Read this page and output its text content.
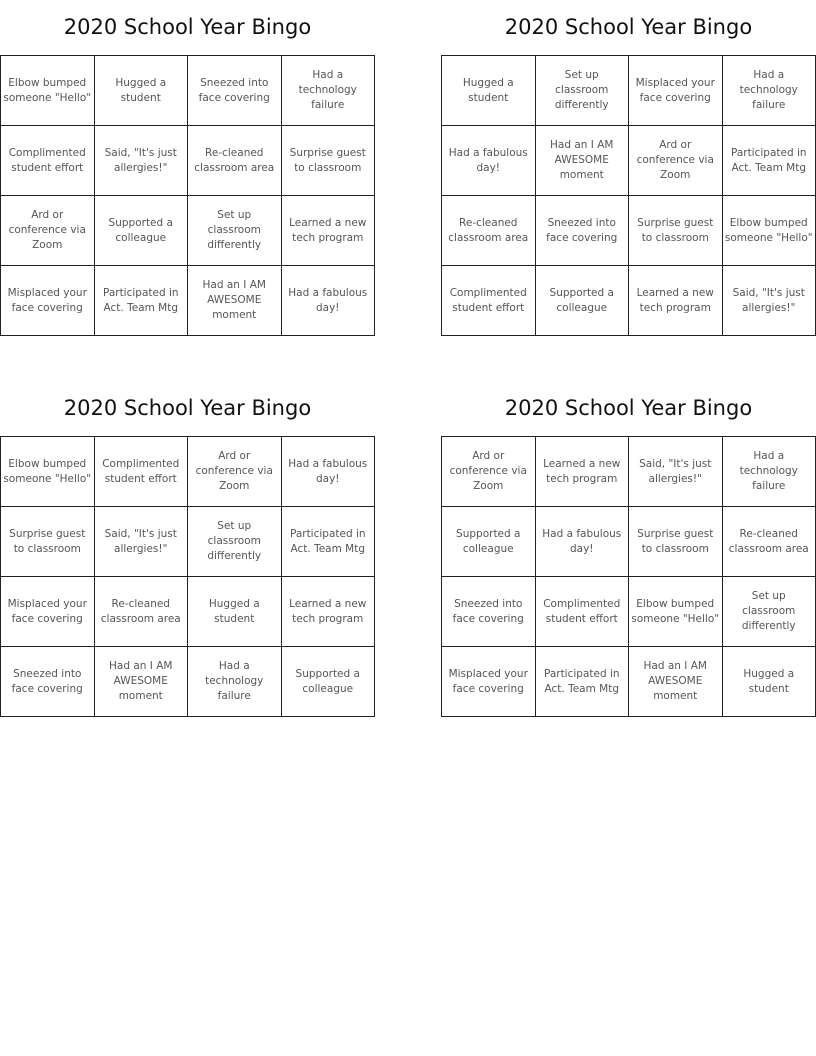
2020 School Year Bingo
Elbow bumped someone "Hello"
Hugged a student
Sneezed into face covering
Had a technology failure
Complimented student effort
Said, "It's just allergies!"
Re-cleaned classroom area
Surprise guest to classroom
Ard or conference via Zoom
Supported a colleague
Set up classroom differently
Learned a new tech program
Misplaced your face covering
Participated in Act. Team Mtg
Had an I AM AWESOME moment
Had a fabulous day!
2020 School Year Bingo
Hugged a student
Set up classroom differently
Misplaced your face covering
Had a technology failure
Had a fabulous day!
Had an I AM AWESOME moment
Ard or conference via Zoom
Participated in Act. Team Mtg
Re-cleaned classroom area
Sneezed into face covering
Surprise guest to classroom
Elbow bumped someone "Hello"
Complimented student effort
Supported a colleague
Learned a new tech program
Said, "It's just allergies!"
2020 School Year Bingo
Elbow bumped someone "Hello"
Complimented student effort
Ard or conference via Zoom
Had a fabulous day!
Surprise guest to classroom
Said, "It's just allergies!"
Set up classroom differently
Participated in Act. Team Mtg
Misplaced your face covering
Re-cleaned classroom area
Hugged a student
Learned a new tech program
Sneezed into face covering
Had an I AM AWESOME moment
Had a technology failure
Supported a colleague
2020 School Year Bingo
Ard or conference via Zoom
Learned a new tech program
Said, "It's just allergies!"
Had a technology failure
Supported a colleague
Had a fabulous day!
Surprise guest to classroom
Re-cleaned classroom area
Sneezed into face covering
Complimented student effort
Elbow bumped someone "Hello"
Set up classroom differently
Misplaced your face covering
Participated in Act. Team Mtg
Had an I AM AWESOME moment
Hugged a student
